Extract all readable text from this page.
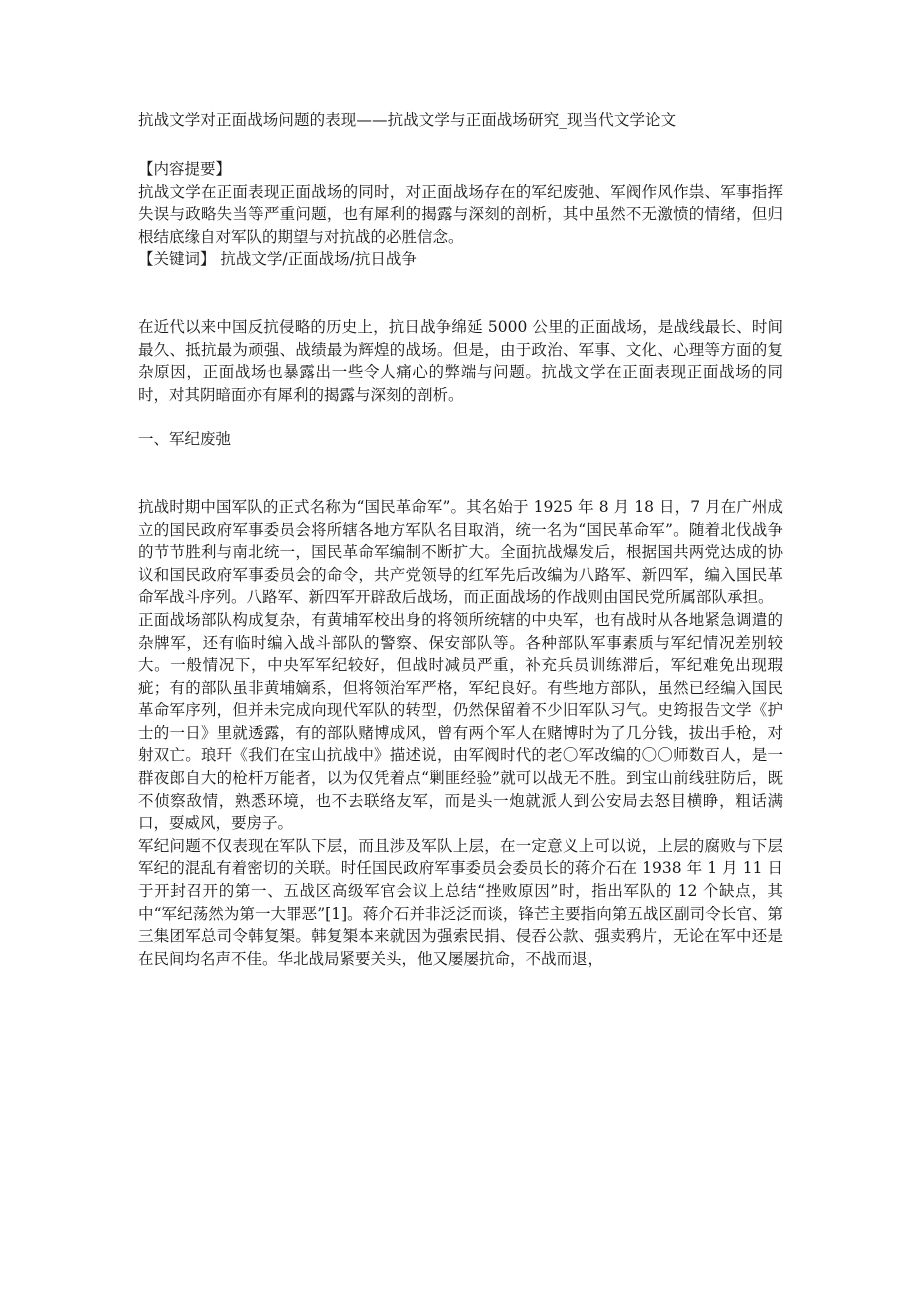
抗战文学对正面战场问题的表现——抗战文学与正面战场研究_现当代文学论文
【内容提要】
抗战文学在正面表现正面战场的同时，对正面战场存在的军纪废弛、军阀作风作祟、军事指挥失误与政略失当等严重问题，也有犀利的揭露与深刻的剖析，其中虽然不无激愤的情绪，但归根结底缘自对军队的期望与对抗战的必胜信念。
【关键词】 抗战文学/正面战场/抗日战争

在近代以来中国反抗侵略的历史上，抗日战争绵延 5000 公里的正面战场，是战线最长、时间最久、抵抗最为顽强、战绩最为辉煌的战场。但是，由于政治、军事、文化、心理等方面的复杂原因，正面战场也暴露出一些令人痛心的弊端与问题。抗战文学在正面表现正面战场的同时，对其阴暗面亦有犀利的揭露与深刻的剖析。

一、军纪废弛

抗战时期中国军队的正式名称为“国民革命军”。其名始于 1925 年 8 月 18 日，7 月在广州成立的国民政府军事委员会将所辖各地方军队名目取消，统一名为“国民革命军”。随着北伐战争的节节胜利与南北统一，国民革命军编制不断扩大。全面抗战爆发后，根据国共两党达成的协议和国民政府军事委员会的命令，共产党领导的红军先后改编为八路军、新四军，编入国民革命军战斗序列。八路军、新四军开辟敌后战场，而正面战场的作战则由国民党所属部队承担。

正面战场部队构成复杂，有黄埔军校出身的将领所统辖的中央军，也有战时从各地紧急调遣的杂牌军，还有临时编入战斗部队的警察、保安部队等。各种部队军事素质与军纪情况差别较大。一般情况下，中央军军纪较好，但战时减员严重，补充兵员训练滞后，军纪难免出现瑕疵；有的部队虽非黄埔嫡系，但将领治军严格，军纪良好。有些地方部队，虽然已经编入国民革命军序列，但并未完成向现代军队的转型，仍然保留着不少旧军队习气。史筠报告文学《护士的一日》里就透露，有的部队赌博成风，曾有两个军人在赌博时为了几分钱，拔出手枪，对射双亡。琅玕《我们在宝山抗战中》描述说，由军阀时代的老〇军改编的〇〇师数百人，是一群夜郎自大的枪杆万能者，以为仅凭着点“剿匪经验”就可以战无不胜。到宝山前线驻防后，既不侦察敌情，熟悉环境，也不去联络友军，而是头一炮就派人到公安局去怒目横睁，粗话满口，耍威风，要房子。

军纪问题不仅表现在军队下层，而且涉及军队上层，在一定意义上可以说，上层的腐败与下层军纪的混乱有着密切的关联。时任国民政府军事委员会委员长的蒋介石在 1938 年 1 月 11 日于开封召开的第一、五战区高级军官会议上总结“挫败原因”时，指出军队的 12 个缺点，其中“军纪荡然为第一大罪恶”[1]。蒋介石并非泛泛而谈，锋芒主要指向第五战区副司令长官、第三集团军总司令韩复榘。韩复榘本来就因为强索民捐、侵吞公款、强卖鸦片，无论在军中还是在民间均名声不佳。华北战局紧要关头，他又屡屡抗命，不战而退，
